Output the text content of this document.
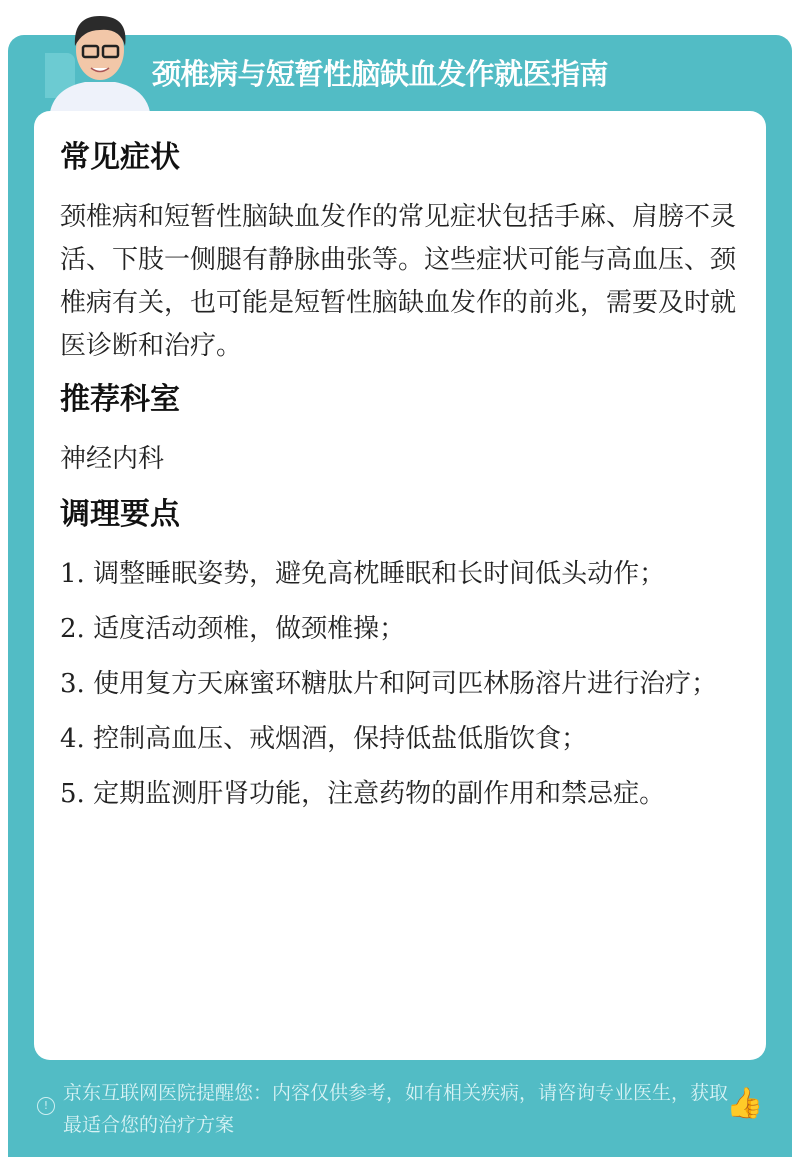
颈椎病与短暂性脑缺血发作就医指南
常见症状

颈椎病和短暂性脑缺血发作的常见症状包括手麻、肩膀不灵活、下肢一侧腿有静脉曲张等。这些症状可能与高血压、颈椎病有关，也可能是短暂性脑缺血发作的前兆，需要及时就医诊断和治疗。

推荐科室

神经内科

调理要点
1. 调整睡眠姿势，避免高枕睡眠和长时间低头动作；
2. 适度活动颈椎，做颈椎操；
3. 使用复方天麻蜜环糖肽片和阿司匹林肠溶片进行治疗；
4. 控制高血压、戒烟酒，保持低盐低脂饮食；
5. 定期监测肝肾功能，注意药物的副作用和禁忌症。
!
京东互联网医院提醒您：内容仅供参考，如有相关疾病，请咨询专业医生，获取最适合您的治疗方案
👍
